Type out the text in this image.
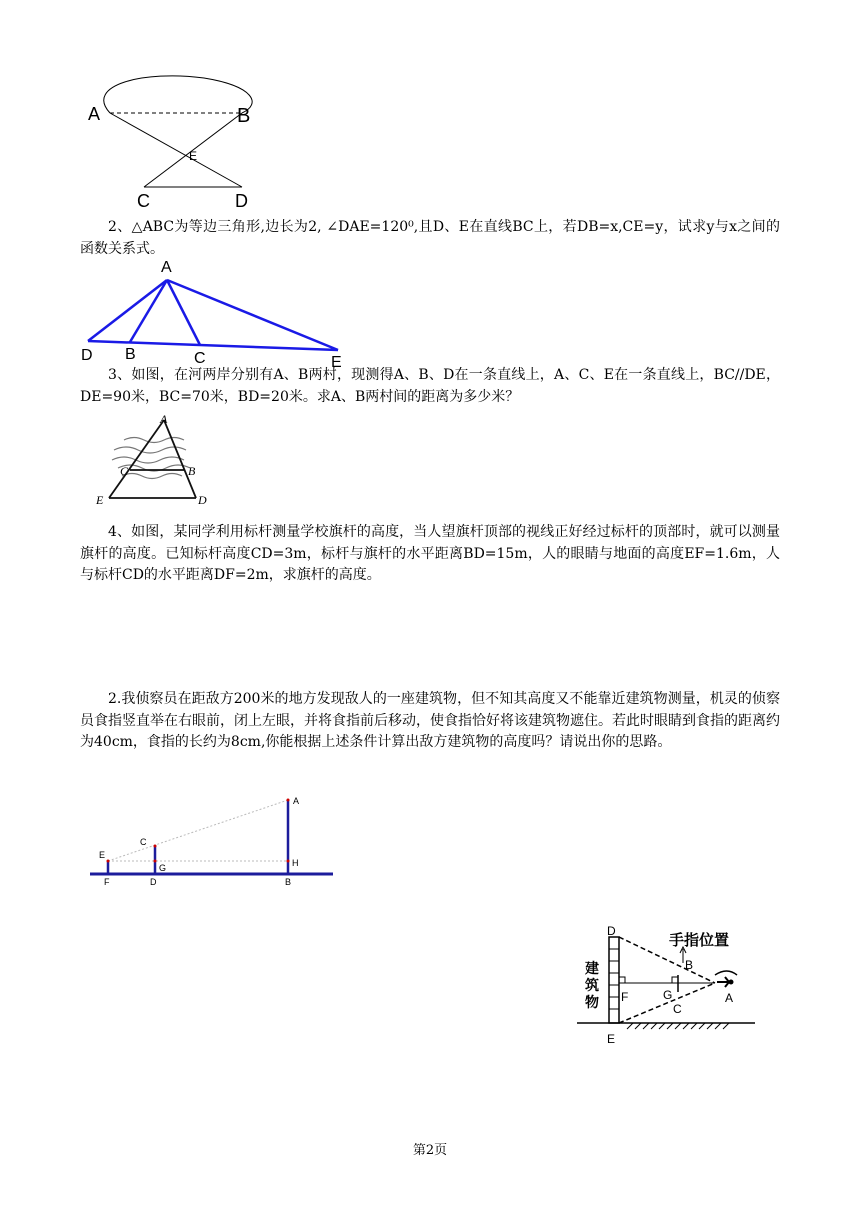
A	B
E
C	D
2、△ABC为等边三角形,边长为2, ∠DAE=120⁰,且D、E在直线BC上，若DB=x,CE=y，试求y与x之间的函数关系式。
A
D B	C	E
3、如图，在河两岸分别有A、B两村，现测得A、B、D在一条直线上，A、C、E在一条直线上，BC//DE，DE=90米，BC=70米，BD=20米。求A、B两村间的距离为多少米？
A
C	B
E	D
4、如图，某同学利用标杆测量学校旗杆的高度，当人望旗杆顶部的视线正好经过标杆的顶部时，就可以测量旗杆的高度。已知标杆高度CD=3m，标杆与旗杆的水平距离BD=15m，人的眼睛与地面的高度EF=1.6m，人与标杆CD的水平距离DF=2m，求旗杆的高度。
2.我侦察员在距敌方200米的地方发现敌人的一座建筑物，但不知其高度又不能靠近建筑物测量，机灵的侦察员食指竖直举在右眼前，闭上左眼，并将食指前后移动，使食指恰好将该建筑物遮住。若此时眼睛到食指的距离约为40cm，食指的长约为8cm,你能根据上述条件计算出敌方建筑物的高度吗？请说出你的思路。
A
C
E
G	H
F	D	B
手指位置
建
筑
物
D
B
F	G
C
A
E
第2页
